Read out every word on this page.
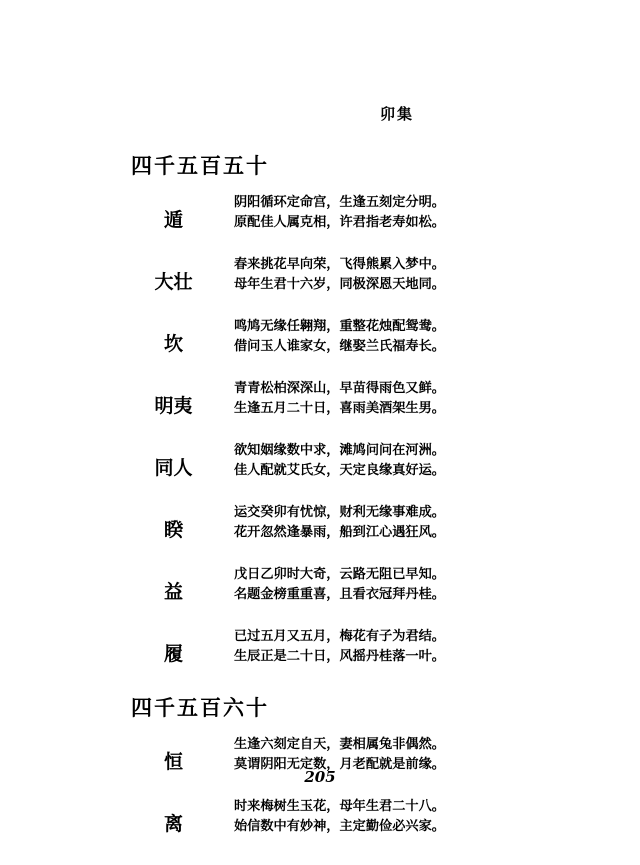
卯集
四千五百五十
遁
阴阳循环定命宫，生逢五刻定分明。
原配佳人属克相，许君指老寿如松。
大壮
春来挑花早向荣，飞得熊累入梦中。
母年生君十六岁，同极深恩天地同。
坎
鸣鸠无缘任翱翔，重整花烛配鸳鸯。
借问玉人谁家女，继娶兰氏福寿长。
明夷
青青松柏深深山，早苗得雨色又鲜。
生逢五月二十日，喜雨美酒架生男。
同人
欲知姻缘数中求，滩鸠问问在河洲。
佳人配就艾氏女，天定良缘真好运。
睽
运交癸卯有忧惊，财利无缘事难成。
花开忽然逢暴雨，船到江心遇狂风。
益
戊日乙卯时大奇，云路无阻已早知。
名题金榜重重喜，且看衣冠拜丹桂。
履
已过五月又五月，梅花有子为君结。
生辰正是二十日，风摇丹桂落一叶。
四千五百六十
恒
生逢六刻定自天，妻相属兔非偶然。
莫谓阴阳无定数，月老配就是前缘。
离
时来梅树生玉花，母年生君二十八。
始信数中有妙神，主定勤俭必兴家。
205
